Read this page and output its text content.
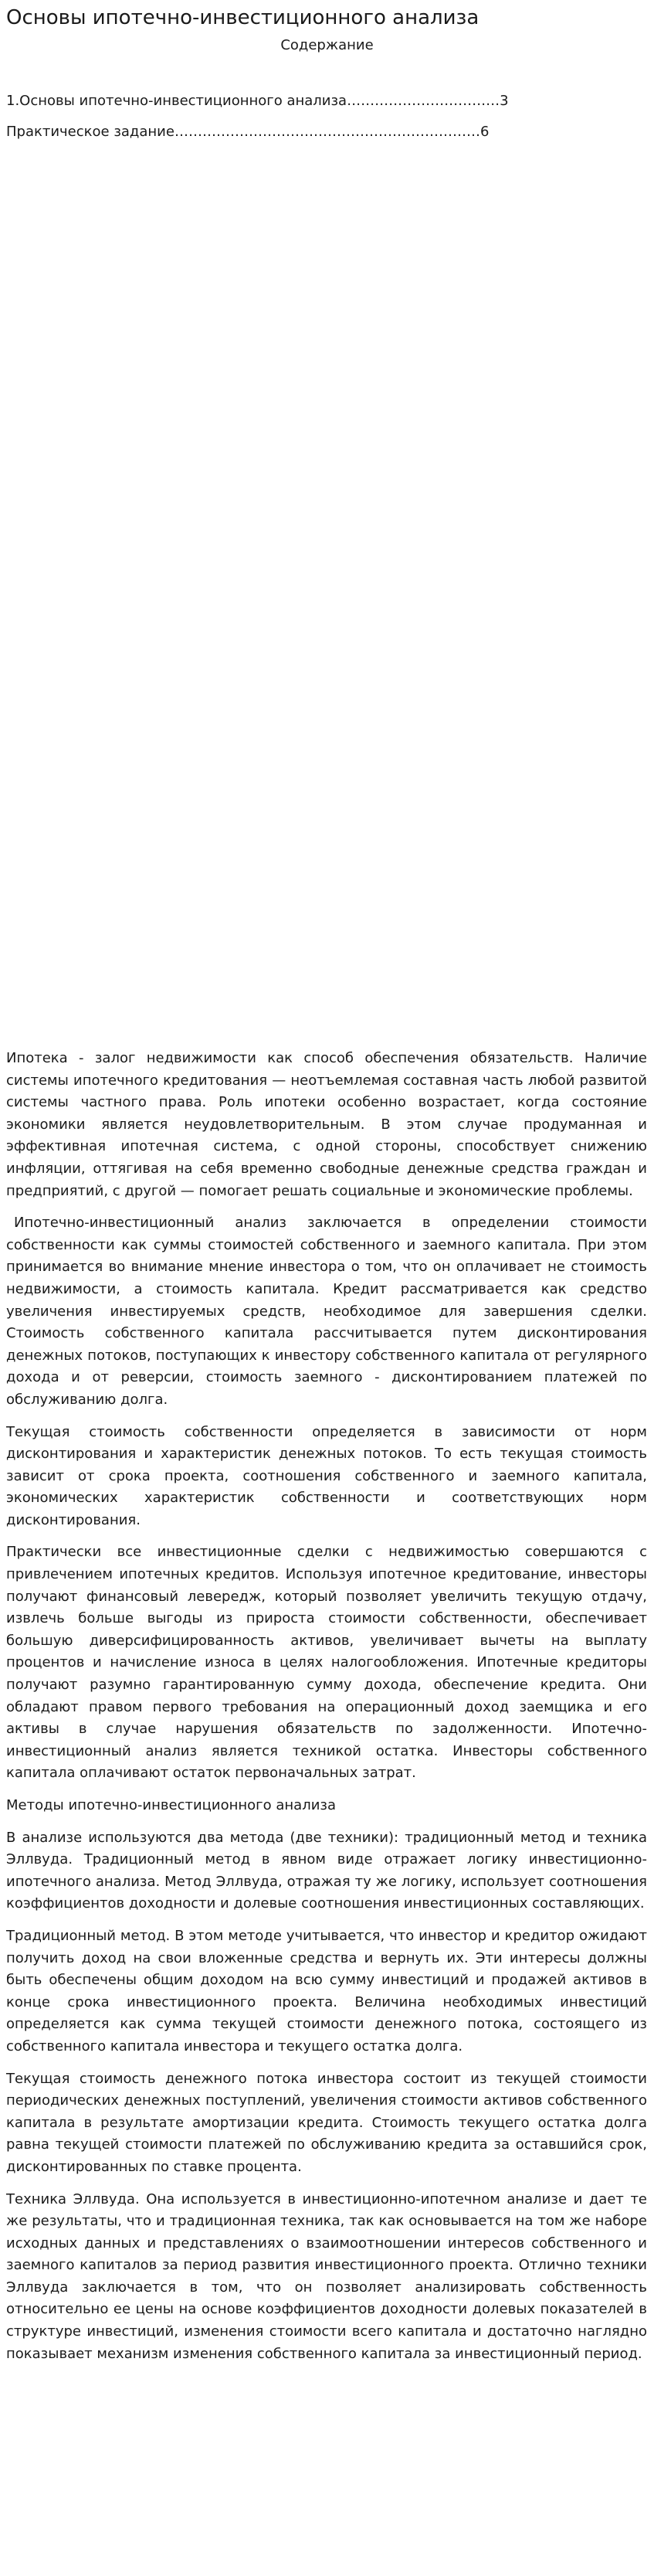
Основы ипотечно-инвестиционного анализа
Содержание
1.Основы ипотечно-инвестиционного анализа……………………………3
Практическое задание…………………………………………………………6

Ипотека - залог недвижимости как способ обеспечения обязательств. Наличие системы ипотечного кредитования — неотъемлемая составная часть любой развитой системы частного права. Роль ипотеки особенно возрастает, когда состояние экономики является неудовлетворительным. В этом случае продуманная и эффективная ипотечная система, с одной стороны, способствует снижению инфляции, оттягивая на себя временно свободные денежные средства граждан и предприятий, с другой — помогает решать социальные и экономические проблемы.

Ипотечно-инвестиционный анализ заключается в определении стоимости собственности как суммы стоимостей собственного и заемного капитала. При этом принимается во внимание мнение инвестора о том, что он оплачивает не стоимость недвижимости, а стоимость капитала. Кредит рассматривается как средство увеличения инвестируемых средств, необходимое для завершения сделки. Стоимость собственного капитала рассчитывается путем дисконтирования денежных потоков, поступающих к инвестору собственного капитала от регулярного дохода и от реверсии, стоимость заемного - дисконтированием платежей по обслуживанию долга.

Текущая стоимость собственности определяется в зависимости от норм дисконтирования и характеристик денежных потоков. То есть текущая стоимость зависит от срока проекта, соотношения собственного и заемного капитала, экономических характеристик собственности и соответствующих норм дисконтирования.

Практически все инвестиционные сделки с недвижимостью совершаются с привлечением ипотечных кредитов. Используя ипотечное кредитование, инвесторы получают финансовый левередж, который позволяет увеличить текущую отдачу, извлечь больше выгоды из прироста стоимости собственности, обеспечивает большую диверсифицированность активов, увеличивает вычеты на выплату процентов и начисление износа в целях налогообложения. Ипотечные кредиторы получают разумно гарантированную сумму дохода, обеспечение кредита. Они обладают правом первого требования на операционный доход заемщика и его активы в случае нарушения обязательств по задолженности. Ипотечно-инвестиционный анализ является техникой остатка. Инвесторы собственного капитала оплачивают остаток первоначальных затрат.

Методы ипотечно-инвестиционного анализа

В анализе используются два метода (две техники): традиционный метод и техника Эллвуда. Традиционный метод в явном виде отражает логику инвестиционно-ипотечного анализа. Метод Эллвуда, отражая ту же логику, использует соотношения коэффициентов доходности и долевые соотношения инвестиционных составляющих.

Традиционный метод. В этом методе учитывается, что инвестор и кредитор ожидают получить доход на свои вложенные средства и вернуть их. Эти интересы должны быть обеспечены общим доходом на всю сумму инвестиций и продажей активов в конце срока инвестиционного проекта. Величина необходимых инвестиций определяется как сумма текущей стоимости денежного потока, состоящего из собственного капитала инвестора и текущего остатка долга.

Текущая стоимость денежного потока инвестора состоит из текущей стоимости периодических денежных поступлений, увеличения стоимости активов собственного капитала в результате амортизации кредита. Стоимость текущего остатка долга равна текущей стоимости платежей по обслуживанию кредита за оставшийся срок, дисконтированных по ставке процента.

Техника Эллвуда. Она используется в инвестиционно-ипотечном анализе и дает те же результаты, что и традиционная техника, так как основывается на том же наборе исходных данных и представлениях о взаимоотношении интересов собственного и заемного капиталов за период развития инвестиционного проекта. Отлично техники Эллвуда заключается в том, что он позволяет анализировать собственность относительно ее цены на основе коэффициентов доходности долевых показателей в структуре инвестиций, изменения стоимости всего капитала и достаточно наглядно показывает механизм изменения собственного капитала за инвестиционный период.
